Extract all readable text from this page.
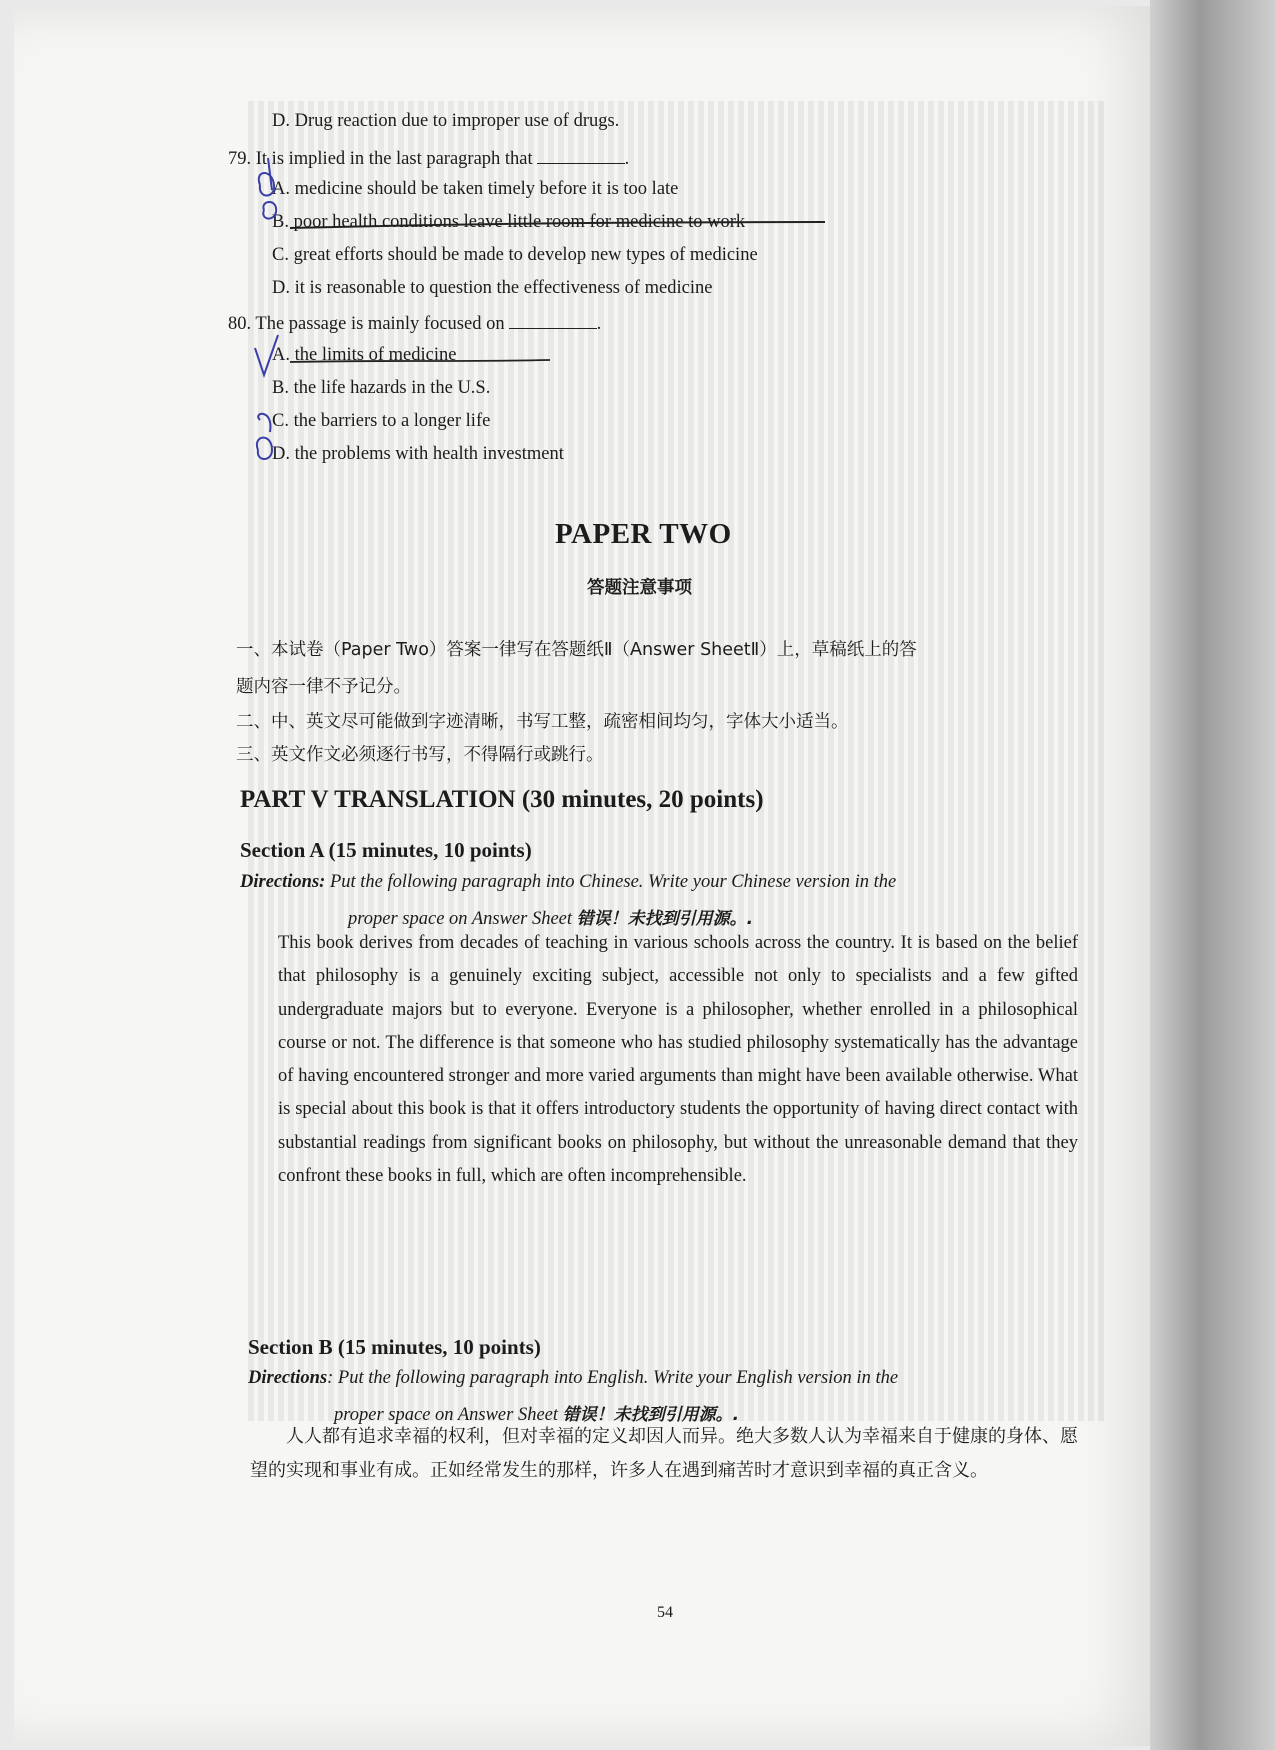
D. Drug reaction due to improper use of drugs.
79. It is implied in the last paragraph that	.
A. medicine should be taken timely before it is too late
B. poor health conditions leave little room for medicine to work
C. great efforts should be made to develop new types of medicine
D. it is reasonable to question the effectiveness of medicine
80. The passage is mainly focused on	.
A. the limits of medicine
B. the life hazards in the U.S.
C. the barriers to a longer life
D. the problems with health investment
PAPER TWO
答题注意事项
一、本试卷（Paper Two）答案一律写在答题纸Ⅱ（Answer SheetⅡ）上，草稿纸上的答
题内容一律不予记分。
二、中、英文尽可能做到字迹清晰，书写工整，疏密相间均匀，字体大小适当。
三、英文作文必须逐行书写，不得隔行或跳行。
PART V TRANSLATION (30 minutes, 20 points)
Section A (15 minutes, 10 points)
Directions: Put the following paragraph into Chinese. Write your Chinese version in the
proper space on Answer Sheet 错误！未找到引用源。.
This book derives from decades of teaching in various schools across the country. It is based on the belief that philosophy is a genuinely exciting subject, accessible not only to specialists and a few gifted undergraduate majors but to everyone. Everyone is a philosopher, whether enrolled in a philosophical course or not. The difference is that someone who has studied philosophy systematically has the advantage of having encountered stronger and more varied arguments than might have been available otherwise. What is special about this book is that it offers introductory students the opportunity of having direct contact with substantial readings from significant books on philosophy, but without the unreasonable demand that they confront these books in full, which are often incomprehensible.
Section B (15 minutes, 10 points)
Directions: Put the following paragraph into English. Write your English version in the
proper space on Answer Sheet 错误！未找到引用源。.
人人都有追求幸福的权利，但对幸福的定义却因人而异。绝大多数人认为幸福来自于健康的身体、愿望的实现和事业有成。正如经常发生的那样，许多人在遇到痛苦时才意识到幸福的真正含义。
54
